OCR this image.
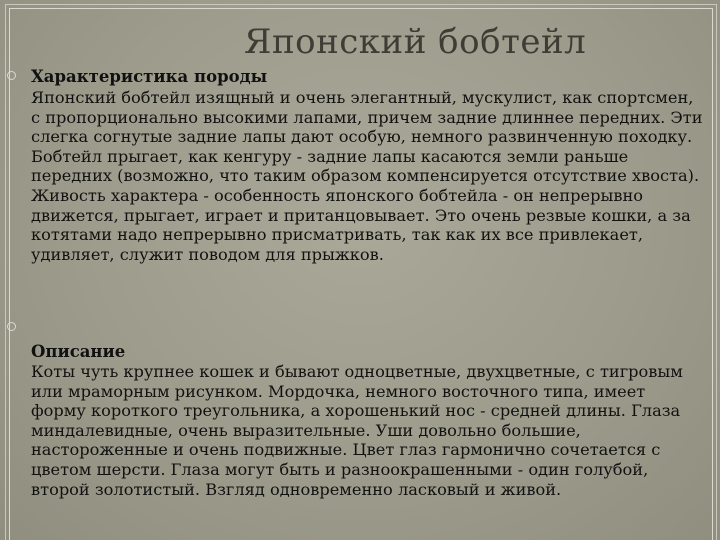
Японский бобтейл
Характеристика породы
Японский бобтейл изящный и очень элегантный, мускулист, как спортсмен, с пропорционально высокими лапами, причем задние длиннее передних. Эти слегка согнутые задние лапы дают особую, немного развинченную походку. Бобтейл прыгает, как кенгуру - задние лапы касаются земли раньше передних (возможно, что таким образом компенсируется отсутствие хвоста). Живость характера - особенность японского бобтейла - он непрерывно движется, прыгает, играет и пританцовывает. Это очень резвые кошки, а за котятами надо непрерывно присматривать, так как их все привлекает, удивляет, служит поводом для прыжков.
Описание
Коты чуть крупнее кошек и бывают одноцветные, двухцветные, с тигровым или мраморным рисунком. Мордочка, немного восточного типа, имеет форму короткого треугольника, а хорошенький нос - средней длины. Глаза миндалевидные, очень выразительные. Уши довольно большие, настороженные и очень подвижные. Цвет глаз гармонично сочетается с цветом шерсти. Глаза могут быть и разноокрашенными - один голубой, второй золотистый. Взгляд одновременно ласковый и живой.
